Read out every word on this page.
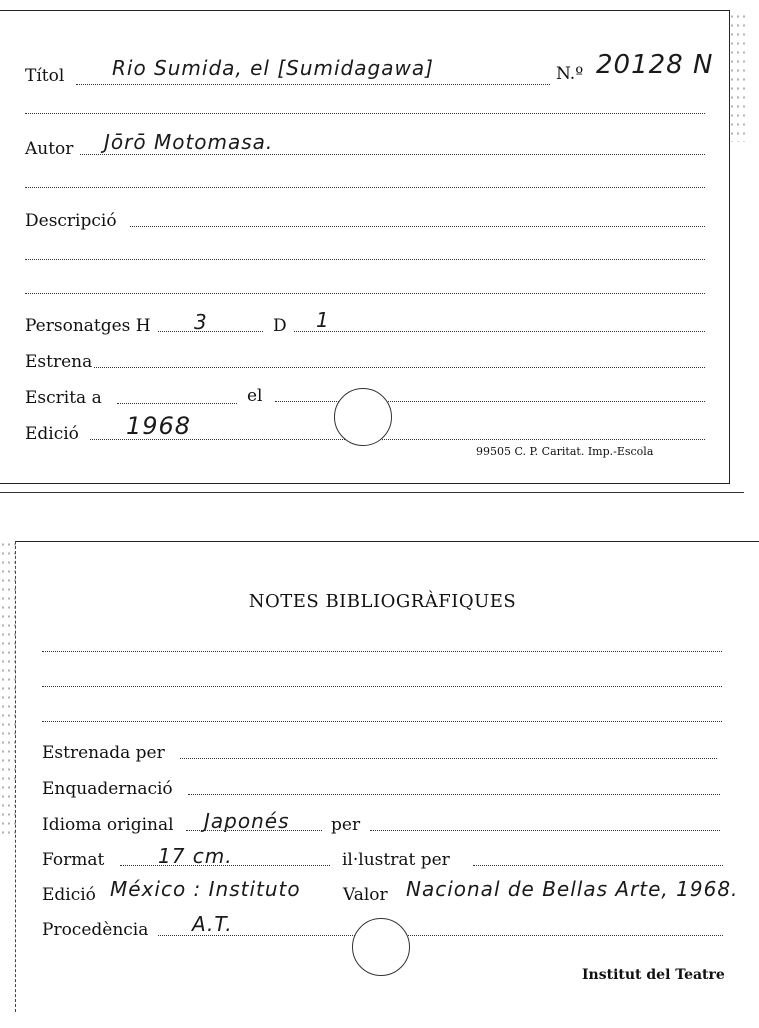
Títol Rio Sumida, el [Sumidagawa]	N.º 20128 N
Autor Jōrō Motomasa.
Descripció
Personatges H 3	D 1
Estrena
Escrita a	el
Edició 1968
99505 C. P. Caritat. Imp.-Escola
NOTES BIBLIOGRÀFIQUES
Estrenada per
Enquadernació
Idioma original Japonés per
Format	17 cm.	il·lustrat per
Edició México : Instituto Valor Nacional de Bellas Arte, 1968.
Procedència A.T.
Institut del Teatre
